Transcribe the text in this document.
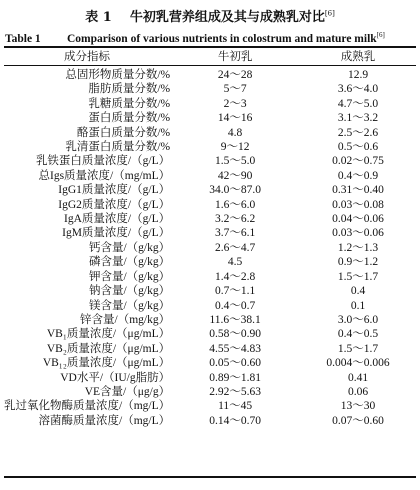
表 1 牛初乳营养组成及其与成熟乳对比[6]
Table 1 Comparison of various nutrients in colostrum and mature milk[6]
成分指标	牛初乳	成熟乳
总固形物质量分数/%	24～28	12.9
脂肪质量分数/%	5～7	3.6～4.0
乳糖质量分数/%	2～3	4.7～5.0
蛋白质量分数/%	14～16	3.1～3.2
酪蛋白质量分数/%	4.8	2.5～2.6
乳清蛋白质量分数/%	9～12	0.5～0.6
乳铁蛋白质量浓度/（g/L）	1.5～5.0	0.02～0.75
总Igs质量浓度/（mg/mL）	42～90	0.4～0.9
IgG1质量浓度/（g/L）	34.0～87.0	0.31～0.40
IgG2质量浓度/（g/L）	1.6～6.0	0.03～0.08
IgA质量浓度/（g/L）	3.2～6.2	0.04～0.06
IgM质量浓度/（g/L）	3.7～6.1	0.03～0.06
钙含量/（g/kg）	2.6～4.7	1.2～1.3
磷含量/（g/kg）	4.5	0.9～1.2
钾含量/（g/kg）	1.4～2.8	1.5～1.7
钠含量/（g/kg）	0.7～1.1	0.4
镁含量/（g/kg）	0.4～0.7	0.1
锌含量/（mg/kg）	11.6～38.1	3.0～6.0
VB₁质量浓度/（μg/mL）	0.58～0.90	0.4～0.5
VB₂质量浓度/（μg/mL）	4.55～4.83	1.5～1.7
VB₁₂质量浓度/（μg/mL）	0.05～0.60	0.004～0.006
VD水平/（IU/g脂肪）	0.89～1.81	0.41
VE含量/（μg/g）	2.92～5.63	0.06
乳过氧化物酶质量浓度/（mg/L）	11～45	13～30
溶菌酶质量浓度/（mg/L）	0.14～0.70	0.07～0.60
